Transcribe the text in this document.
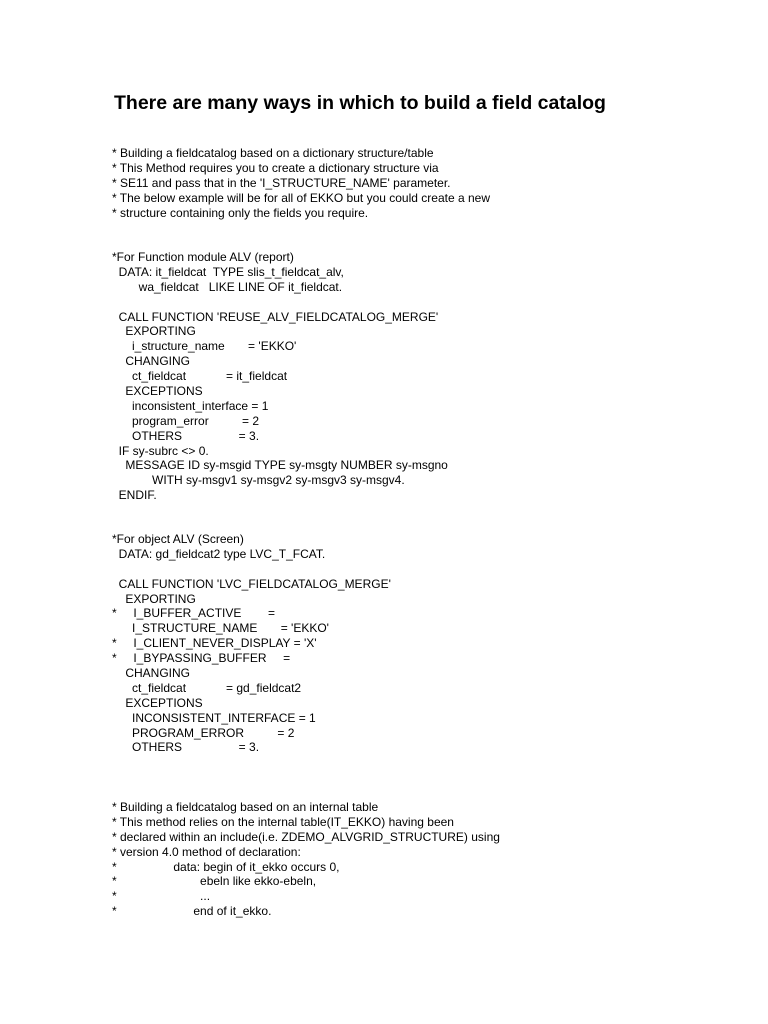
There are many ways in which to build a field catalog
* Building a fieldcatalog based on a dictionary structure/table
* This Method requires you to create a dictionary structure via
* SE11 and pass that in the 'I_STRUCTURE_NAME' parameter.
* The below example will be for all of EKKO but you could create a new
* structure containing only the fields you require.
*For Function module ALV (report)
DATA: it_fieldcat  TYPE slis_t_fieldcat_alv,
wa_fieldcat   LIKE LINE OF it_fieldcat.
CALL FUNCTION 'REUSE_ALV_FIELDCATALOG_MERGE'
EXPORTING
i_structure_name       = 'EKKO'
CHANGING
ct_fieldcat            = it_fieldcat
EXCEPTIONS
inconsistent_interface = 1
program_error          = 2
OTHERS                 = 3.
IF sy-subrc <> 0.
MESSAGE ID sy-msgid TYPE sy-msgty NUMBER sy-msgno
WITH sy-msgv1 sy-msgv2 sy-msgv3 sy-msgv4.
ENDIF.
*For object ALV (Screen)
DATA: gd_fieldcat2 type LVC_T_FCAT.
CALL FUNCTION 'LVC_FIELDCATALOG_MERGE'
EXPORTING
*     I_BUFFER_ACTIVE        =
I_STRUCTURE_NAME       = 'EKKO'
*     I_CLIENT_NEVER_DISPLAY = 'X'
*     I_BYPASSING_BUFFER     =
CHANGING
ct_fieldcat            = gd_fieldcat2
EXCEPTIONS
INCONSISTENT_INTERFACE = 1
PROGRAM_ERROR          = 2
OTHERS                 = 3.
* Building a fieldcatalog based on an internal table
* This method relies on the internal table(IT_EKKO) having been
* declared within an include(i.e. ZDEMO_ALVGRID_STRUCTURE) using
* version 4.0 method of declaration:
*                 data: begin of it_ekko occurs 0,
*                         ebeln like ekko-ebeln,
*                         ...
*                       end of it_ekko.
